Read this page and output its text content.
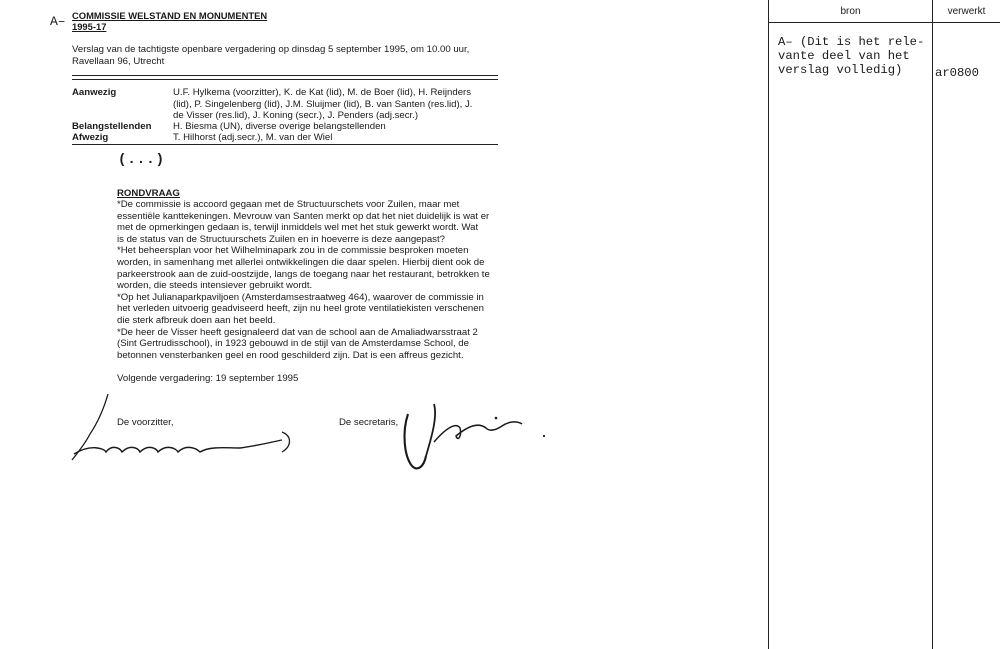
A– COMMISSIE WELSTAND EN MONUMENTEN
1995-17
Verslag van de tachtigste openbare vergadering op dinsdag 5 september 1995, om 10.00 uur,
Ravellaan 96, Utrecht
Aanwezig	U.F. Hylkema (voorzitter), K. de Kat (lid), M. de Boer (lid), H. Reijnders
(lid), P. Singelenberg (lid), J.M. Sluijmer (lid), B. van Santen (res.lid), J.
de Visser (res.lid), J. Koning (secr.), J. Penders (adj.secr.)
Belangstellenden H. Biesma (UN), diverse overige belangstellenden
Afwezig	T. Hilhorst (adj.secr.), M. van der Wiel
(...)
RONDVRAAG

*De commissie is accoord gegaan met de Structuurschets voor Zuilen, maar met
essentiële kanttekeningen. Mevrouw van Santen merkt op dat het niet duidelijk is wat er
met de opmerkingen gedaan is, terwijl inmiddels wel met het stuk gewerkt wordt. Wat
is de status van de Structuurschets Zuilen en in hoeverre is deze aangepast?

*Het beheersplan voor het Wilhelminapark zou in de commissie besproken moeten
worden, in samenhang met allerlei ontwikkelingen die daar spelen. Hierbij dient ook de
parkeerstrook aan de zuid-oostzijde, langs de toegang naar het restaurant, betrokken te
worden, die steeds intensiever gebruikt wordt.

*Op het Julianaparkpaviljoen (Amsterdamsestraatweg 464), waarover de commissie in
het verleden uitvoerig geadviseerd heeft, zijn nu heel grote ventilatiekisten verschenen
die sterk afbreuk doen aan het beeld.

*De heer de Visser heeft gesignaleerd dat van de school aan de Amaliadwarsstraat 2
(Sint Gertrudisschool), in 1923 gebouwd in de stijl van de Amsterdamse School, de
betonnen vensterbanken geel en rood geschilderd zijn. Dat is een affreus gezicht.

Volgende vergadering: 19 september 1995
De voorzitter,	De secretaris,
bron	verwerkt
A– (Dit is het rele-
vante deel van het
verslag volledig)	ar0800
